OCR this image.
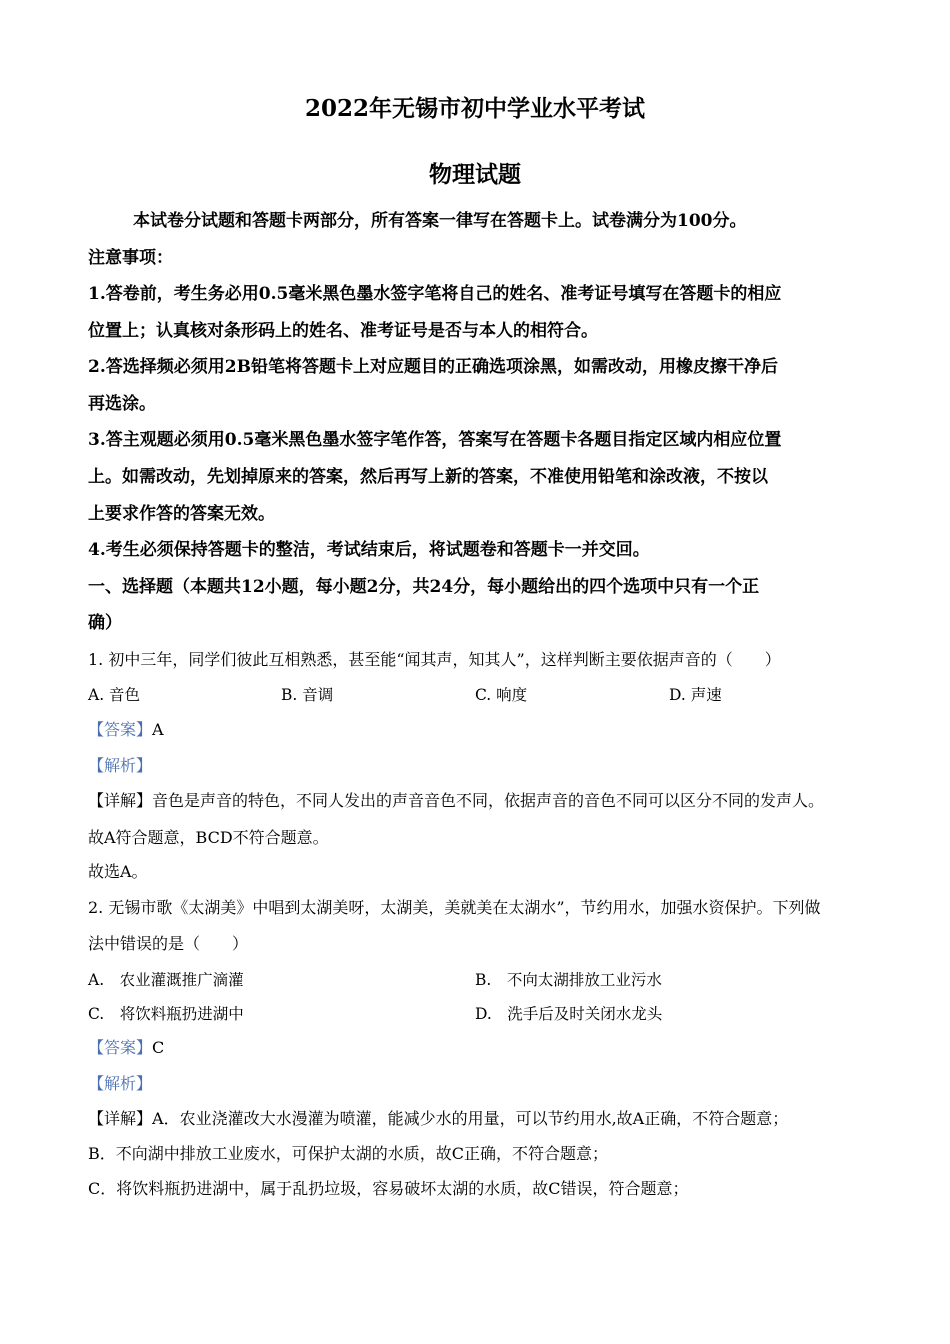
2022年无锡市初中学业水平考试
物理试题
本试卷分试题和答题卡两部分，所有答案一律写在答题卡上。试卷满分为100分。
注意事项：
1.答卷前，考生务必用0.5毫米黑色墨水签字笔将自己的姓名、准考证号填写在答题卡的相应
位置上；认真核对条形码上的姓名、准考证号是否与本人的相符合。
2.答选择频必须用2B铅笔将答题卡上对应题目的正确选项涂黑，如需改动，用橡皮擦干净后
再选涂。
3.答主观题必须用0.5毫米黑色墨水签字笔作答，答案写在答题卡各题目指定区域内相应位置
上。如需改动，先划掉原来的答案，然后再写上新的答案，不准使用铅笔和涂改液，不按以
上要求作答的答案无效。
4.考生必须保持答题卡的整洁，考试结束后，将试题卷和答题卡一并交回。
一、选择题（本题共12小题，每小题2分，共24分，每小题给出的四个选项中只有一个正
确）
1. 初中三年，同学们彼此互相熟悉，甚至能“闻其声，知其人”，这样判断主要依据声音的（　　）
A. 音色	B. 音调	C. 响度	D. 声速
【答案】A
【解析】
【详解】音色是声音的特色，不同人发出的声音音色不同，依据声音的音色不同可以区分不同的发声人。
故A符合题意，BCD不符合题意。
故选A。
2. 无锡市歌《太湖美》中唱到太湖美呀，太湖美，美就美在太湖水”，节约用水，加强水资保护。下列做
法中错误的是（　　）
A.　农业灌溉推广滴灌	B.　不向太湖排放工业污水
C.　将饮料瓶扔进湖中	D.　洗手后及时关闭水龙头
【答案】C
【解析】
【详解】A．农业浇灌改大水漫灌为喷灌，能减少水的用量，可以节约用水,故A正确，不符合题意；
B．不向湖中排放工业废水，可保护太湖的水质，故C正确，不符合题意；
C．将饮料瓶扔进湖中，属于乱扔垃圾，容易破坏太湖的水质，故C错误，符合题意；
